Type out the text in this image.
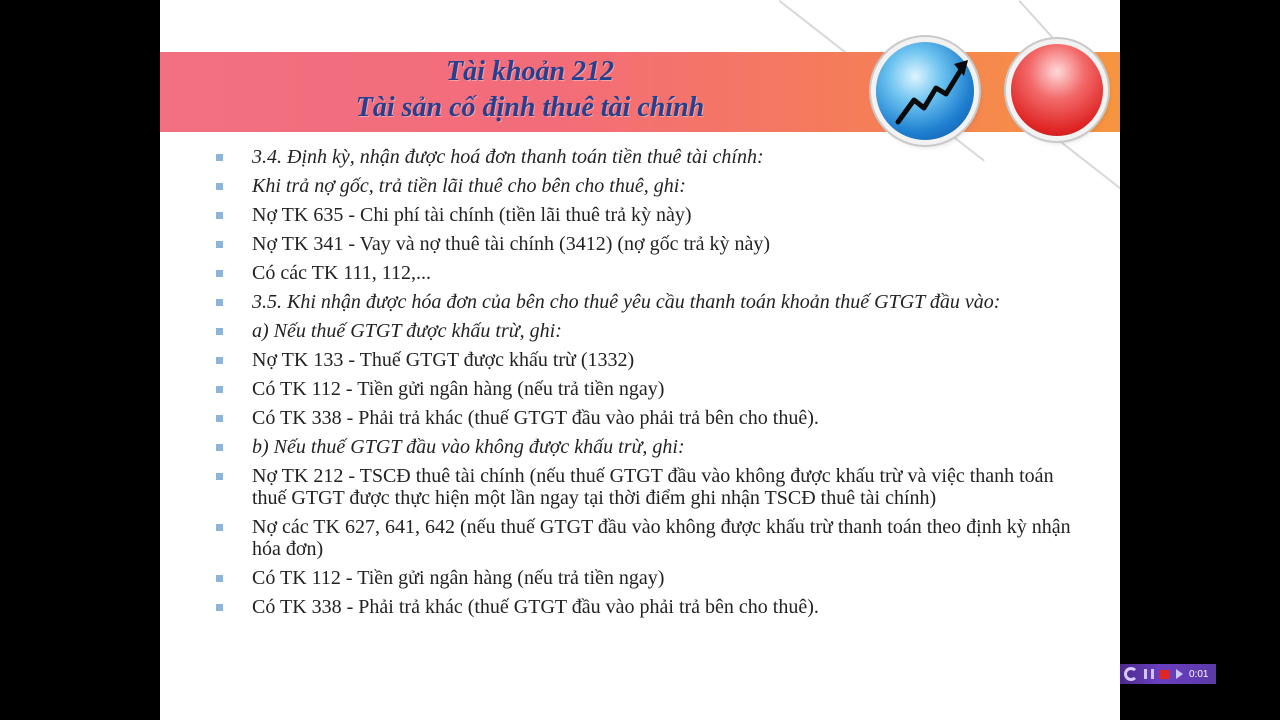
Tài khoản 212
Tài sản cố định thuê tài chính
3.4. Định kỳ, nhận được hoá đơn thanh toán tiền thuê tài chính:
Khi trả nợ gốc, trả tiền lãi thuê cho bên cho thuê, ghi:
Nợ TK 635 - Chi phí tài chính (tiền lãi thuê trả kỳ này)
Nợ TK 341 - Vay và nợ thuê tài chính (3412) (nợ gốc trả kỳ này)
Có các TK 111, 112,...
3.5. Khi nhận được hóa đơn của bên cho thuê yêu cầu thanh toán khoản thuế GTGT đầu vào:
a) Nếu thuế GTGT được khấu trừ, ghi:
Nợ TK 133 - Thuế GTGT được khấu trừ (1332)
Có TK 112 - Tiền gửi ngân hàng (nếu trả tiền ngay)
Có TK 338 - Phải trả khác (thuế GTGT đầu vào phải trả bên cho thuê).
b) Nếu thuế GTGT đầu vào không được khấu trừ, ghi:
Nợ TK 212 - TSCĐ thuê tài chính (nếu thuế GTGT đầu vào không được khấu trừ và việc thanh toán thuế GTGT được thực hiện một lần ngay tại thời điểm ghi nhận TSCĐ thuê tài chính)
Nợ các TK 627, 641, 642 (nếu thuế GTGT đầu vào không được khấu trừ thanh toán theo định kỳ nhận hóa đơn)
Có TK 112 - Tiền gửi ngân hàng (nếu trả tiền ngay)
Có TK 338 - Phải trả khác (thuế GTGT đầu vào phải trả bên cho thuê).
0:01
